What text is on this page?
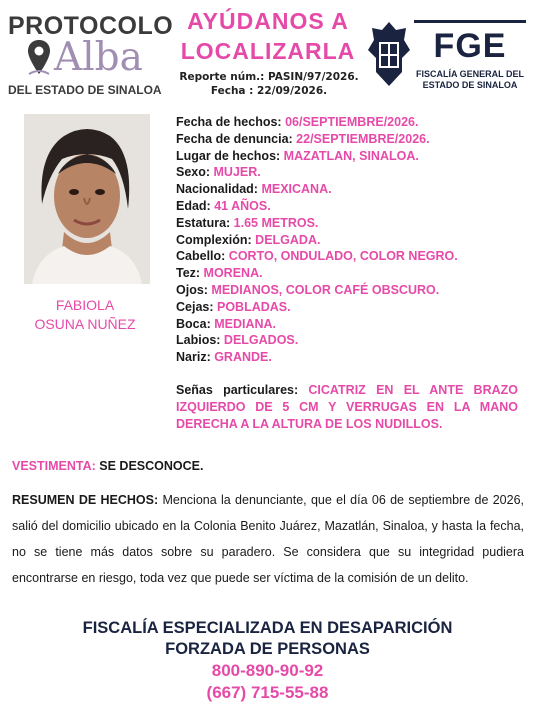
PROTOCOLO
Alba
DEL ESTADO DE SINALOA
AYÚDANOS A
LOCALIZARLA
Reporte núm.: PASIN/97/2026.
Fecha : 22/09/2026.
FGE
FISCALÍA GENERAL DEL
ESTADO DE SINALOA
FABIOLA
OSUNA NUÑEZ
Fecha de hechos: 06/SEPTIEMBRE/2026.
Fecha de denuncia: 22/SEPTIEMBRE/2026.
Lugar de hechos: MAZATLAN, SINALOA.
Sexo: MUJER.
Nacionalidad: MEXICANA.
Edad: 41 AÑOS.
Estatura: 1.65 METROS.
Complexión: DELGADA.
Cabello: CORTO, ONDULADO, COLOR NEGRO.
Tez: MORENA.
Ojos: MEDIANOS, COLOR CAFÉ OBSCURO.
Cejas: POBLADAS.
Boca: MEDIANA.
Labios: DELGADOS.
Nariz: GRANDE.
Señas particulares: CICATRIZ EN EL ANTE BRAZO IZQUIERDO DE 5 CM Y VERRUGAS EN LA MANO DERECHA A LA ALTURA DE LOS NUDILLOS.
VESTIMENTA: SE DESCONOCE.
RESUMEN DE HECHOS: Menciona la denunciante, que el día 06 de septiembre de 2026, salió del domicilio ubicado en la Colonia Benito Juárez, Mazatlán, Sinaloa, y hasta la fecha, no se tiene más datos sobre su paradero. Se considera que su integridad pudiera encontrarse en riesgo, toda vez que puede ser víctima de la comisión de un delito.
FISCALÍA ESPECIALIZADA EN DESAPARICIÓN
FORZADA DE PERSONAS
800-890-90-92
(667) 715-55-88
